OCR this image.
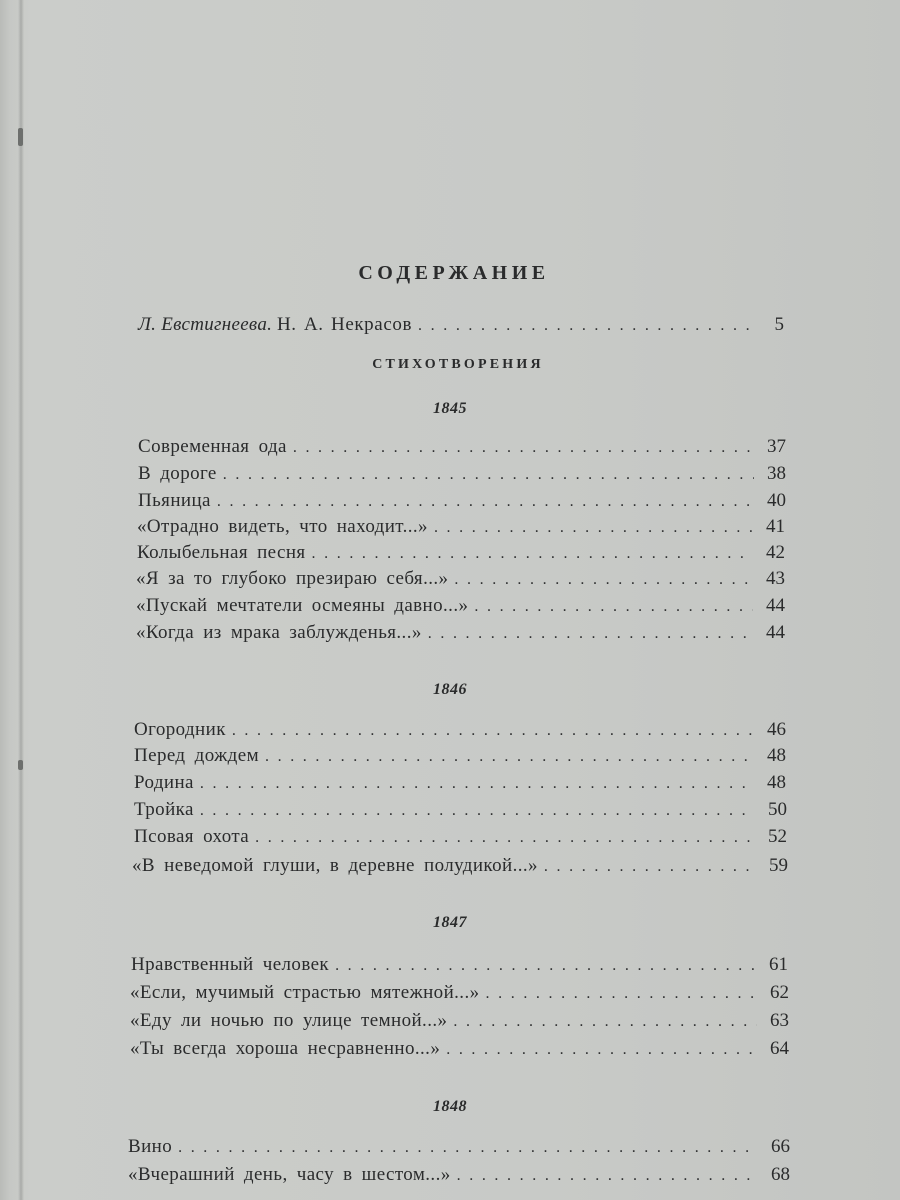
СОДЕРЖАНИЕ
Л. Евстигнеева. Н. А. Некрасов . . .	5
СТИХОТВОРЕНИЯ
1845
Современная ода . . .	37
В дороге . . .	38
Пьяница . . .	40
«Отрадно видеть, что находит...» . . .	41
Колыбельная песня . . .	42
«Я за то глубоко презираю себя...» . . .	43
«Пускай мечтатели осмеяны давно...» . . .	44
«Когда из мрака заблужденья...» . . .	44
1846
Огородник . . .	46
Перед дождем . . .	48
Родина . . .	48
Тройка . . .	50
Псовая охота . . .	52
«В неведомой глуши, в деревне полудикой...» . . .	59
1847
Нравственный человек . . .	61
«Если, мучимый страстью мятежной...» . . .	62
«Еду ли ночью по улице темной...» . . .	63
«Ты всегда хороша несравненно...» . . .	64
1848
Вино . . .	66
«Вчерашний день, часу в шестом...» . . .	68
